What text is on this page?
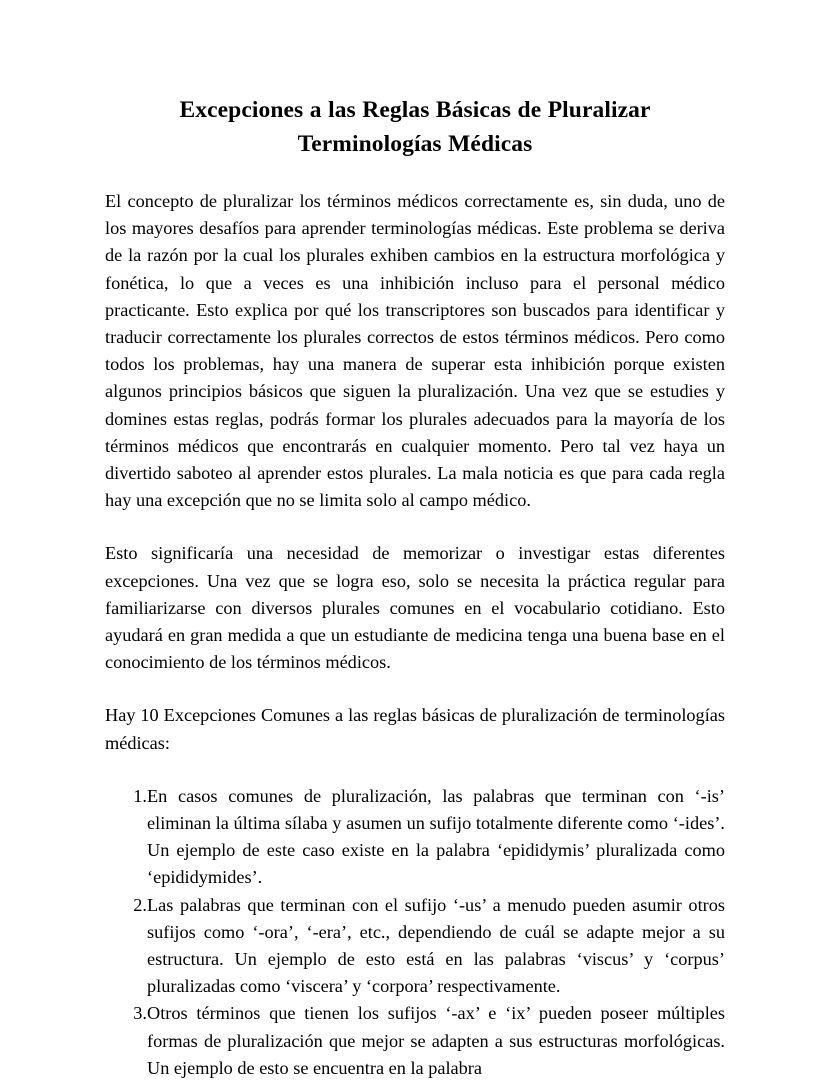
Excepciones a las Reglas Básicas de Pluralizar
Terminologías Médicas

El concepto de pluralizar los términos médicos correctamente es, sin duda, uno de los mayores desafíos para aprender terminologías médicas. Este problema se deriva de la razón por la cual los plurales exhiben cambios en la estructura morfológica y fonética, lo que a veces es una inhibición incluso para el personal médico practicante. Esto explica por qué los transcriptores son buscados para identificar y traducir correctamente los plurales correctos de estos términos médicos. Pero como todos los problemas, hay una manera de superar esta inhibición porque existen algunos principios básicos que siguen la pluralización. Una vez que se estudies y domines estas reglas, podrás formar los plurales adecuados para la mayoría de los términos médicos que encontrarás en cualquier momento. Pero tal vez haya un divertido saboteo al aprender estos plurales. La mala noticia es que para cada regla hay una excepción que no se limita solo al campo médico.

Esto significaría una necesidad de memorizar o investigar estas diferentes excepciones. Una vez que se logra eso, solo se necesita la práctica regular para familiarizarse con diversos plurales comunes en el vocabulario cotidiano. Esto ayudará en gran medida a que un estudiante de medicina tenga una buena base en el conocimiento de los términos médicos.

Hay 10 Excepciones Comunes a las reglas básicas de pluralización de terminologías médicas:

En casos comunes de pluralización, las palabras que terminan con ‘-is’ eliminan la última sílaba y asumen un sufijo totalmente diferente como ‘-ides’. Un ejemplo de este caso existe en la palabra ‘epididymis’ pluralizada como ‘epididymides’.
Las palabras que terminan con el sufijo ‘-us’ a menudo pueden asumir otros sufijos como ‘-ora’, ‘-era’, etc., dependiendo de cuál se adapte mejor a su estructura. Un ejemplo de esto está en las palabras ‘viscus’ y ‘corpus’ pluralizadas como ‘viscera’ y ‘corpora’ respectivamente.
Otros términos que tienen los sufijos ‘-ax’ e ‘ix’ pueden poseer múltiples formas de pluralización que mejor se adapten a sus estructuras morfológicas. Un ejemplo de esto se encuentra en la palabra
